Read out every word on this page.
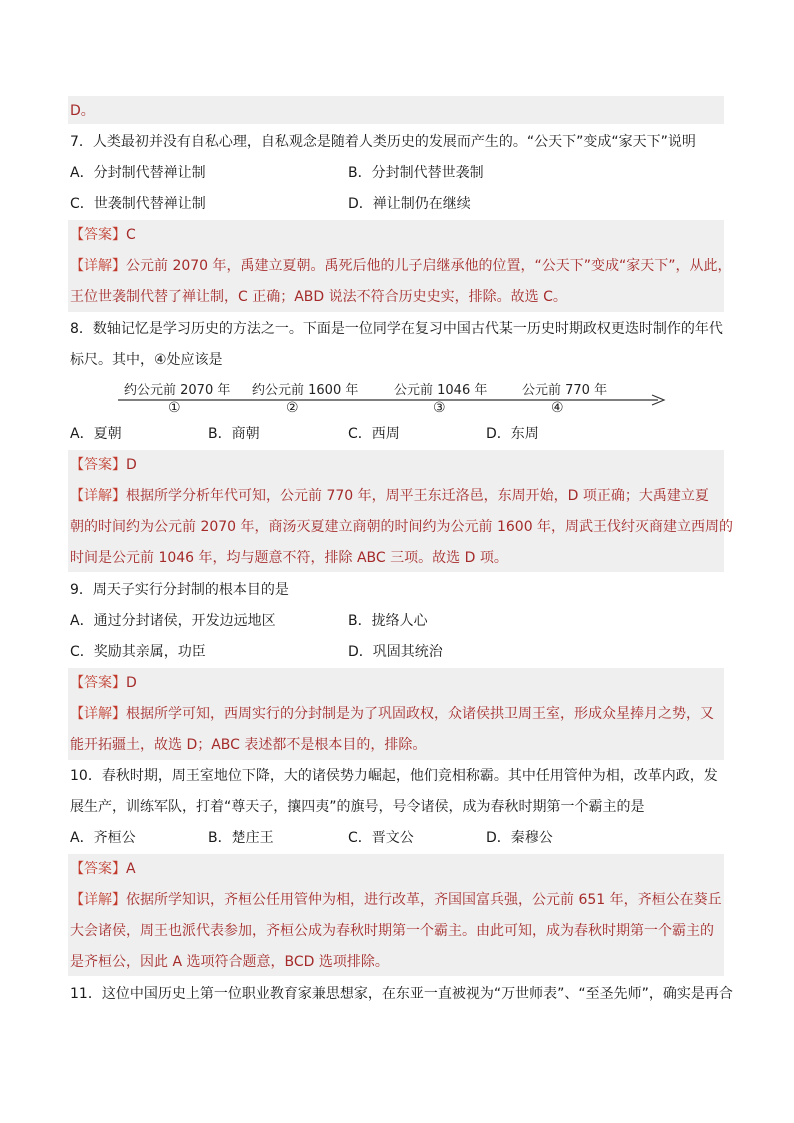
D。
7．人类最初并没有自私心理，自私观念是随着人类历史的发展而产生的。“公天下”变成“家天下”说明
A．分封制代替禅让制	B．分封制代替世袭制
C．世袭制代替禅让制	D．禅让制仍在继续
【答案】C
【详解】公元前 2070 年，禹建立夏朝。禹死后他的儿子启继承他的位置，“公天下”变成“家天下”，从此，
王位世袭制代替了禅让制，C 正确；ABD 说法不符合历史史实，排除。故选 C。
8．数轴记忆是学习历史的方法之一。下面是一位同学在复习中国古代某一历史时期政权更迭时制作的年代
标尺。其中，④处应该是
约公元前 2070 年 约公元前 1600 年	公元前 1046 年	公元前 770 年
①	②	③	④
A．夏朝	B．商朝	C．西周	D．东周
【答案】D
【详解】根据所学分析年代可知，公元前 770 年，周平王东迁洛邑，东周开始，D 项正确；大禹建立夏
朝的时间约为公元前 2070 年，商汤灭夏建立商朝的时间约为公元前 1600 年，周武王伐纣灭商建立西周的
时间是公元前 1046 年，均与题意不符，排除 ABC 三项。故选 D 项。
9．周天子实行分封制的根本目的是
A．通过分封诸侯，开发边远地区	B．拢络人心
C．奖励其亲属，功臣	D．巩固其统治
【答案】D
【详解】根据所学可知，西周实行的分封制是为了巩固政权，众诸侯拱卫周王室，形成众星捧月之势，又
能开拓疆土，故选 D；ABC 表述都不是根本目的，排除。
10．春秋时期，周王室地位下降，大的诸侯势力崛起，他们竞相称霸。其中任用管仲为相，改革内政，发
展生产，训练军队，打着“尊天子，攘四夷”的旗号，号令诸侯，成为春秋时期第一个霸主的是
A．齐桓公	B．楚庄王	C．晋文公	D．秦穆公
【答案】A
【详解】依据所学知识，齐桓公任用管仲为相，进行改革，齐国国富兵强，公元前 651 年，齐桓公在葵丘
大会诸侯，周王也派代表参加，齐桓公成为春秋时期第一个霸主。由此可知，成为春秋时期第一个霸主的
是齐桓公，因此 A 选项符合题意，BCD 选项排除。
11．这位中国历史上第一位职业教育家兼思想家，在东亚一直被视为“万世师表”、“至圣先师”，确实是再合
